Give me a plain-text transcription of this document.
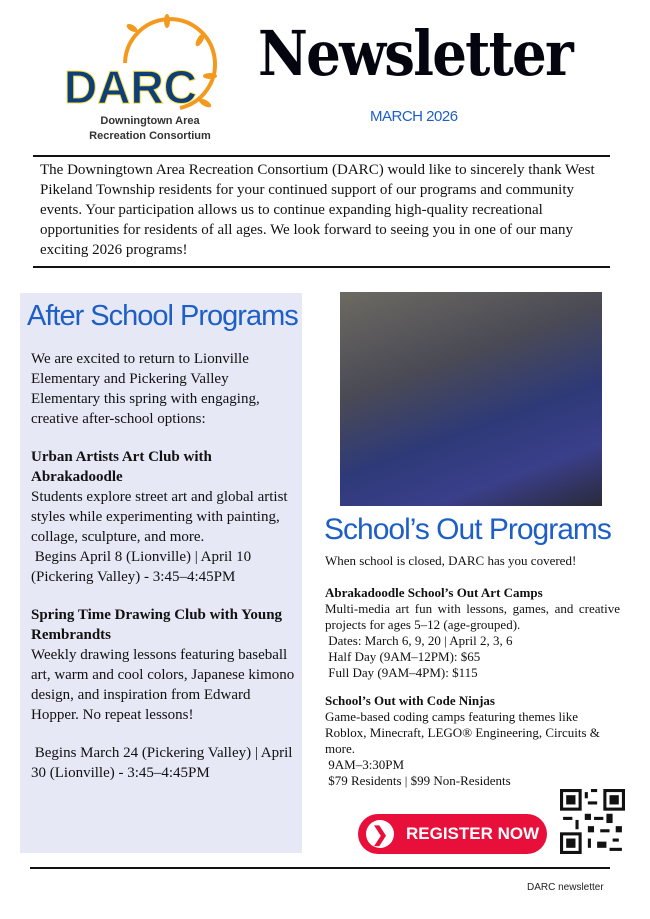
DARC
Downingtown Area
Recreation Consortium
Newsletter
MARCH 2026
The Downingtown Area Recreation Consortium (DARC) would like to sincerely thank West Pikeland Township residents for your continued support of our programs and community events. Your participation allows us to continue expanding high-quality recreational opportunities for residents of all ages. We look forward to seeing you in one of our many exciting 2026 programs!
After School Programs

We are excited to return to Lionville Elementary and Pickering Valley Elementary this spring with engaging, creative after-school options:

Urban Artists Art Club with Abrakadoodle
Students explore street art and global artist styles while experimenting with painting, collage, sculpture, and more.
Begins April 8 (Lionville) | April 10 (Pickering Valley) - 3:45–4:45PM

Spring Time Drawing Club with Young Rembrandts
Weekly drawing lessons featuring baseball art, warm and cool colors, Japanese kimono design, and inspiration from Edward Hopper. No repeat lessons!

Begins March 24 (Pickering Valley) | April 30 (Lionville) - 3:45–4:45PM

School’s Out Programs

When school is closed, DARC has you covered!

Abrakadoodle School’s Out Art Camps

Multi-media art fun with lessons, games, and creative projects for ages 5–12 (age-grouped).
Dates: March 6, 9, 20 | April 2, 3, 6
Half Day (9AM–12PM): $65
Full Day (9AM–4PM): $115

School’s Out with Code Ninjas
Game-based coding camps featuring themes like Roblox, Minecraft, LEGO® Engineering, Circuits & more.
9AM–3:30PM
$79 Residents | $99 Non-Residents

❯	REGISTER NOW
DARC newsletter
